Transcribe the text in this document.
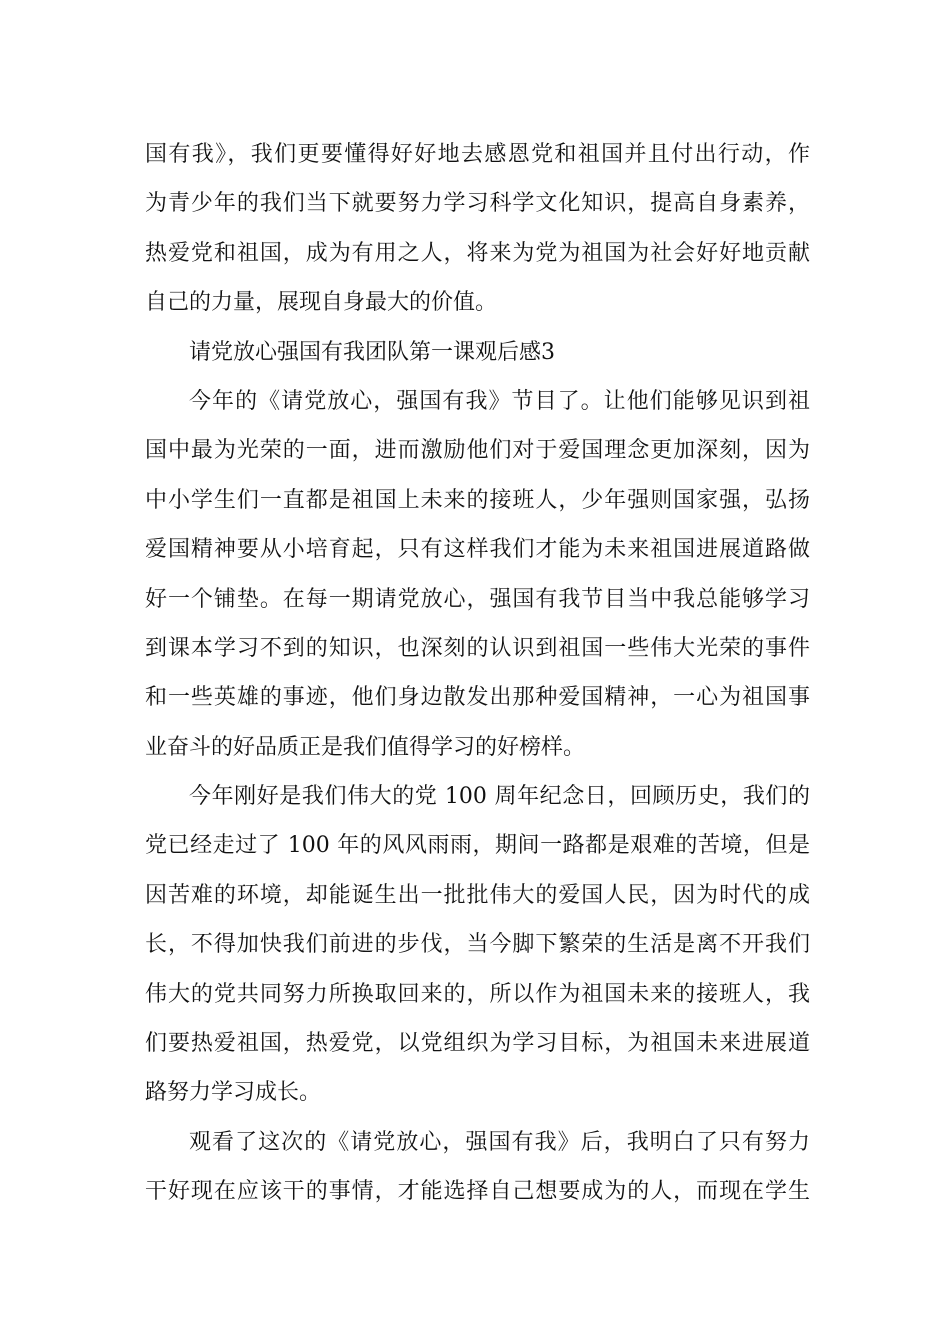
国有我》，我们更要懂得好好地去感恩党和祖国并且付出行动，作
为青少年的我们当下就要努力学习科学文化知识，提高自身素养，
热爱党和祖国，成为有用之人，将来为党为祖国为社会好好地贡献
自己的力量，展现自身最大的价值。
请党放心强国有我团队第一课观后感3
今年的《请党放心，强国有我》节目了。让他们能够见识到祖
国中最为光荣的一面，进而激励他们对于爱国理念更加深刻，因为
中小学生们一直都是祖国上未来的接班人，少年强则国家强，弘扬
爱国精神要从小培育起，只有这样我们才能为未来祖国进展道路做
好一个铺垫。在每一期请党放心，强国有我节目当中我总能够学习
到课本学习不到的知识，也深刻的认识到祖国一些伟大光荣的事件
和一些英雄的事迹，他们身边散发出那种爱国精神，一心为祖国事
业奋斗的好品质正是我们值得学习的好榜样。
今年刚好是我们伟大的党 100 周年纪念日，回顾历史，我们的
党已经走过了 100 年的风风雨雨，期间一路都是艰难的苦境，但是
因苦难的环境，却能诞生出一批批伟大的爱国人民，因为时代的成
长，不得加快我们前进的步伐，当今脚下繁荣的生活是离不开我们
伟大的党共同努力所换取回来的，所以作为祖国未来的接班人，我
们要热爱祖国，热爱党，以党组织为学习目标，为祖国未来进展道
路努力学习成长。
观看了这次的《请党放心，强国有我》后，我明白了只有努力
干好现在应该干的事情，才能选择自己想要成为的人，而现在学生
